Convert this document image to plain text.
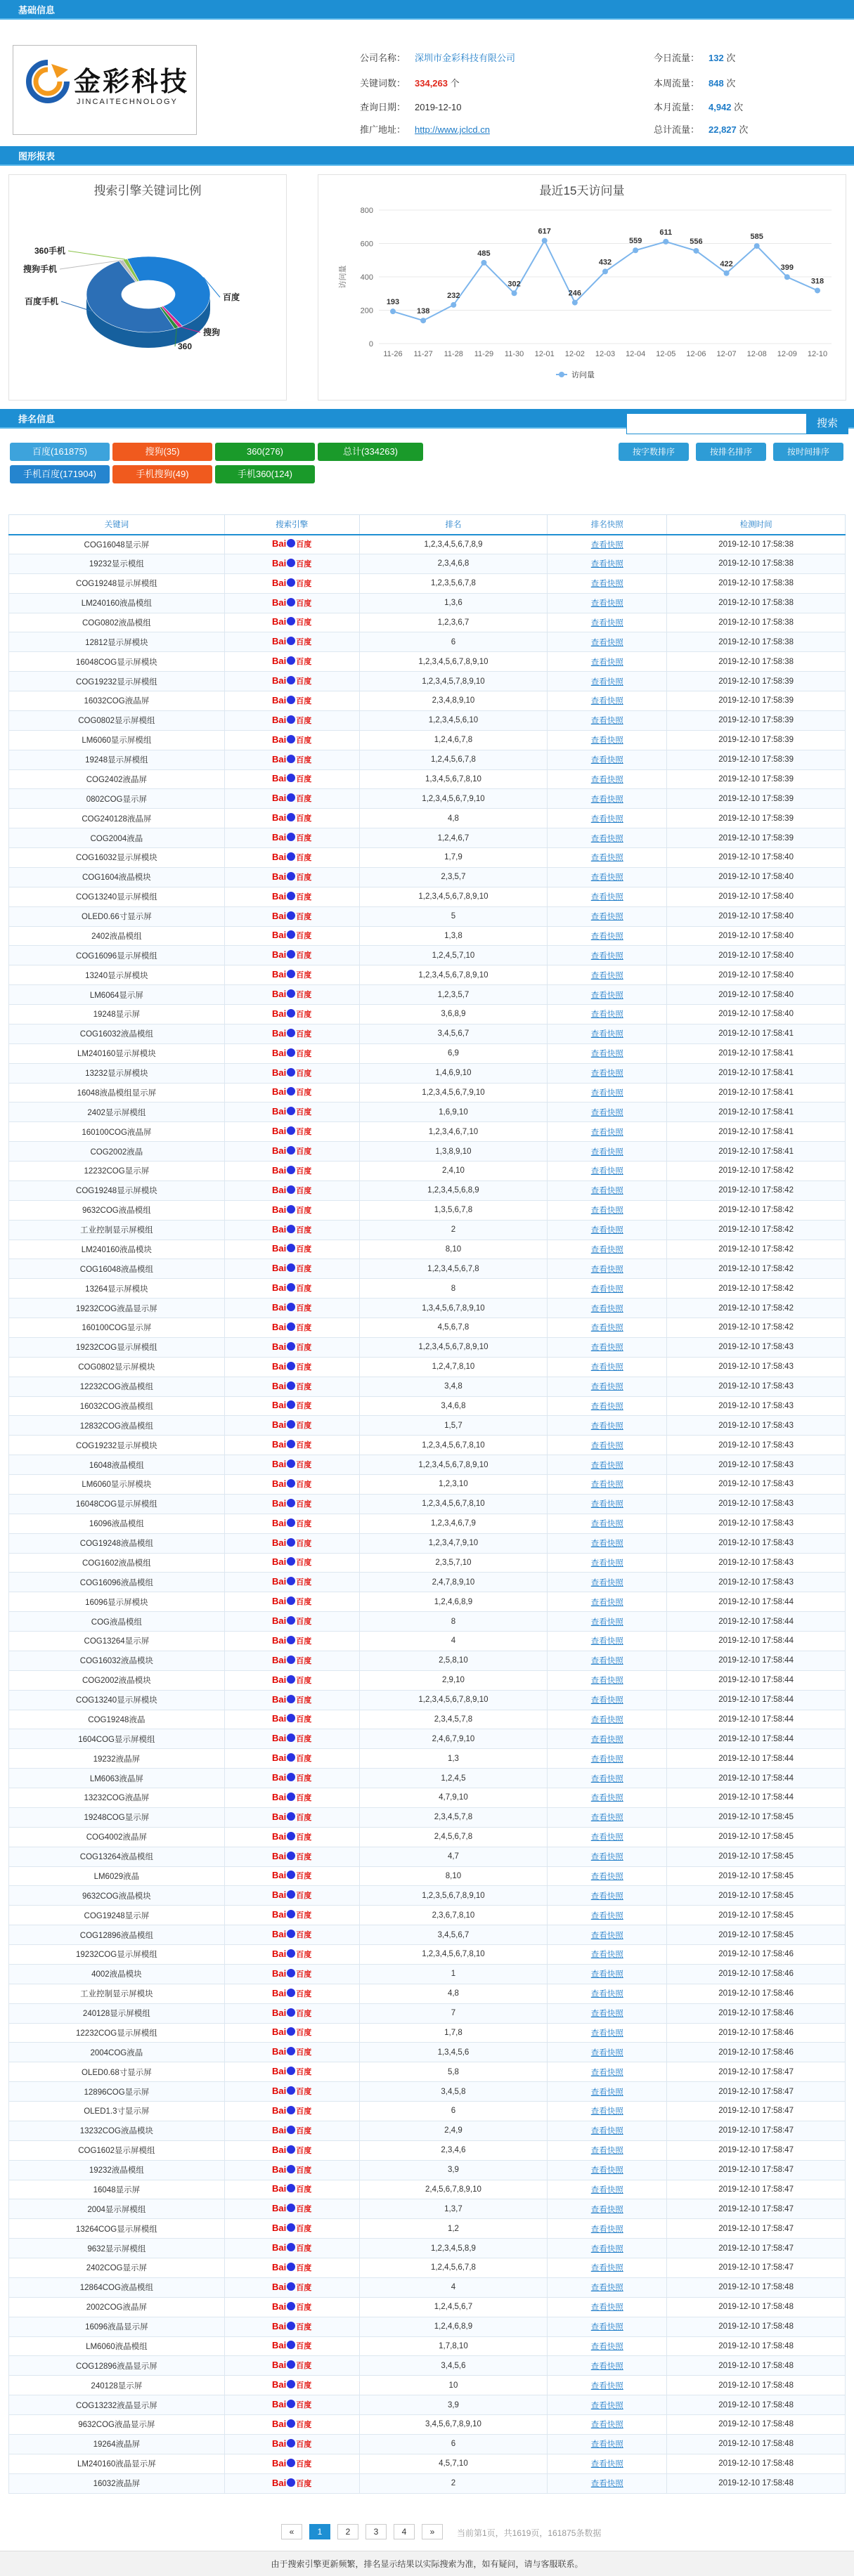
基础信息
金彩科技
JINCAITECHNOLOGY
公司名称： 深圳市金彩科技有限公司
关键词数： 334,263 个
查询日期： 2019-12-10
推广地址： http://www.jclcd.cn
今日流量： 132 次
本周流量： 848 次
本月流量： 4,942 次
总计流量： 22,827 次
图形报表
搜索引擎关键词比例
百度
搜狗
360
百度手机
搜狗手机
360手机
最近15天访问量
0
200
400
600
800
访问量
11-26 11-27 11-28 11-29 11-30 12-01 12-02 12-03 12-04 12-05 12-06 12-07 12-08 12-09 12-10
193
138
232
485
302
617
246
432
559
611
556
422
585
399
318
访问量
排名信息	搜索
百度(161875)	搜狗(35)	360(276)	总计(334263)
手机百度(171904)	手机搜狗(49)	手机360(124)
按字数排序	按排名排序	按时间排序
关键词	搜索引擎	排名	排名快照	检测时间
COG16048显示屏	Bai 百度	1,2,3,4,5,6,7,8,9	查看快照	2019-12-10 17:58:38
19232显示模组	Bai 百度	2,3,4,6,8	查看快照	2019-12-10 17:58:38
COG19248显示屏模组	Bai 百度	1,2,3,5,6,7,8	查看快照	2019-12-10 17:58:38
LM240160液晶模组	Bai 百度	1,3,6	查看快照	2019-12-10 17:58:38
COG0802液晶模组	Bai 百度	1,2,3,6,7	查看快照	2019-12-10 17:58:38
12812显示屏模块	Bai 百度	6	查看快照	2019-12-10 17:58:38
16048COG显示屏模块	Bai 百度	1,2,3,4,5,6,7,8,9,10	查看快照	2019-12-10 17:58:38
COG19232显示屏模组	Bai 百度	1,2,3,4,5,7,8,9,10	查看快照	2019-12-10 17:58:39
16032COG液晶屏	Bai 百度	2,3,4,8,9,10	查看快照	2019-12-10 17:58:39
COG0802显示屏模组	Bai 百度	1,2,3,4,5,6,10	查看快照	2019-12-10 17:58:39
LM6060显示屏模组	Bai 百度	1,2,4,6,7,8	查看快照	2019-12-10 17:58:39
19248显示屏模组	Bai 百度	1,2,4,5,6,7,8	查看快照	2019-12-10 17:58:39
COG2402液晶屏	Bai 百度	1,3,4,5,6,7,8,10	查看快照	2019-12-10 17:58:39
0802COG显示屏	Bai 百度	1,2,3,4,5,6,7,9,10	查看快照	2019-12-10 17:58:39
COG240128液晶屏	Bai 百度	4,8	查看快照	2019-12-10 17:58:39
COG2004液晶	Bai 百度	1,2,4,6,7	查看快照	2019-12-10 17:58:39
COG16032显示屏模块	Bai 百度	1,7,9	查看快照	2019-12-10 17:58:40
COG1604液晶模块	Bai 百度	2,3,5,7	查看快照	2019-12-10 17:58:40
COG13240显示屏模组	Bai 百度	1,2,3,4,5,6,7,8,9,10	查看快照	2019-12-10 17:58:40
OLED0.66寸显示屏	Bai 百度	5	查看快照	2019-12-10 17:58:40
2402液晶模组	Bai 百度	1,3,8	查看快照	2019-12-10 17:58:40
COG16096显示屏模组	Bai 百度	1,2,4,5,7,10	查看快照	2019-12-10 17:58:40
13240显示屏模块	Bai 百度	1,2,3,4,5,6,7,8,9,10	查看快照	2019-12-10 17:58:40
LM6064显示屏	Bai 百度	1,2,3,5,7	查看快照	2019-12-10 17:58:40
19248显示屏	Bai 百度	3,6,8,9	查看快照	2019-12-10 17:58:40
COG16032液晶模组	Bai 百度	3,4,5,6,7	查看快照	2019-12-10 17:58:41
LM240160显示屏模块	Bai 百度	6,9	查看快照	2019-12-10 17:58:41
13232显示屏模块	Bai 百度	1,4,6,9,10	查看快照	2019-12-10 17:58:41
16048液晶模组显示屏	Bai 百度	1,2,3,4,5,6,7,9,10	查看快照	2019-12-10 17:58:41
2402显示屏模组	Bai 百度	1,6,9,10	查看快照	2019-12-10 17:58:41
160100COG液晶屏	Bai 百度	1,2,3,4,6,7,10	查看快照	2019-12-10 17:58:41
COG2002液晶	Bai 百度	1,3,8,9,10	查看快照	2019-12-10 17:58:41
12232COG显示屏	Bai 百度	2,4,10	查看快照	2019-12-10 17:58:42
COG19248显示屏模块	Bai 百度	1,2,3,4,5,6,8,9	查看快照	2019-12-10 17:58:42
9632COG液晶模组	Bai 百度	1,3,5,6,7,8	查看快照	2019-12-10 17:58:42
工业控制显示屏模组	Bai 百度	2	查看快照	2019-12-10 17:58:42
LM240160液晶模块	Bai 百度	8,10	查看快照	2019-12-10 17:58:42
COG16048液晶模组	Bai 百度	1,2,3,4,5,6,7,8	查看快照	2019-12-10 17:58:42
13264显示屏模块	Bai 百度	8	查看快照	2019-12-10 17:58:42
19232COG液晶显示屏	Bai 百度	1,3,4,5,6,7,8,9,10	查看快照	2019-12-10 17:58:42
160100COG显示屏	Bai 百度	4,5,6,7,8	查看快照	2019-12-10 17:58:42
19232COG显示屏模组	Bai 百度	1,2,3,4,5,6,7,8,9,10	查看快照	2019-12-10 17:58:43
COG0802显示屏模块	Bai 百度	1,2,4,7,8,10	查看快照	2019-12-10 17:58:43
12232COG液晶模组	Bai 百度	3,4,8	查看快照	2019-12-10 17:58:43
16032COG液晶模组	Bai 百度	3,4,6,8	查看快照	2019-12-10 17:58:43
12832COG液晶模组	Bai 百度	1,5,7	查看快照	2019-12-10 17:58:43
COG19232显示屏模块	Bai 百度	1,2,3,4,5,6,7,8,10	查看快照	2019-12-10 17:58:43
16048液晶模组	Bai 百度	1,2,3,4,5,6,7,8,9,10	查看快照	2019-12-10 17:58:43
LM6060显示屏模块	Bai 百度	1,2,3,10	查看快照	2019-12-10 17:58:43
16048COG显示屏模组	Bai 百度	1,2,3,4,5,6,7,8,10	查看快照	2019-12-10 17:58:43
16096液晶模组	Bai 百度	1,2,3,4,6,7,9	查看快照	2019-12-10 17:58:43
COG19248液晶模组	Bai 百度	1,2,3,4,7,9,10	查看快照	2019-12-10 17:58:43
COG1602液晶模组	Bai 百度	2,3,5,7,10	查看快照	2019-12-10 17:58:43
COG16096液晶模组	Bai 百度	2,4,7,8,9,10	查看快照	2019-12-10 17:58:43
16096显示屏模块	Bai 百度	1,2,4,6,8,9	查看快照	2019-12-10 17:58:44
COG液晶模组	Bai 百度	8	查看快照	2019-12-10 17:58:44
COG13264显示屏	Bai 百度	4	查看快照	2019-12-10 17:58:44
COG16032液晶模块	Bai 百度	2,5,8,10	查看快照	2019-12-10 17:58:44
COG2002液晶模块	Bai 百度	2,9,10	查看快照	2019-12-10 17:58:44
COG13240显示屏模块	Bai 百度	1,2,3,4,5,6,7,8,9,10	查看快照	2019-12-10 17:58:44
COG19248液晶	Bai 百度	2,3,4,5,7,8	查看快照	2019-12-10 17:58:44
1604COG显示屏模组	Bai 百度	2,4,6,7,9,10	查看快照	2019-12-10 17:58:44
19232液晶屏	Bai 百度	1,3	查看快照	2019-12-10 17:58:44
LM6063液晶屏	Bai 百度	1,2,4,5	查看快照	2019-12-10 17:58:44
13232COG液晶屏	Bai 百度	4,7,9,10	查看快照	2019-12-10 17:58:44
19248COG显示屏	Bai 百度	2,3,4,5,7,8	查看快照	2019-12-10 17:58:45
COG4002液晶屏	Bai 百度	2,4,5,6,7,8	查看快照	2019-12-10 17:58:45
COG13264液晶模组	Bai 百度	4,7	查看快照	2019-12-10 17:58:45
LM6029液晶	Bai 百度	8,10	查看快照	2019-12-10 17:58:45
9632COG液晶模块	Bai 百度	1,2,3,5,6,7,8,9,10	查看快照	2019-12-10 17:58:45
COG19248显示屏	Bai 百度	2,3,6,7,8,10	查看快照	2019-12-10 17:58:45
COG12896液晶模组	Bai 百度	3,4,5,6,7	查看快照	2019-12-10 17:58:45
19232COG显示屏模组	Bai 百度	1,2,3,4,5,6,7,8,10	查看快照	2019-12-10 17:58:46
4002液晶模块	Bai 百度	1	查看快照	2019-12-10 17:58:46
工业控制显示屏模块	Bai 百度	4,8	查看快照	2019-12-10 17:58:46
240128显示屏模组	Bai 百度	7	查看快照	2019-12-10 17:58:46
12232COG显示屏模组	Bai 百度	1,7,8	查看快照	2019-12-10 17:58:46
2004COG液晶	Bai 百度	1,3,4,5,6	查看快照	2019-12-10 17:58:46
OLED0.68寸显示屏	Bai 百度	5,8	查看快照	2019-12-10 17:58:47
12896COG显示屏	Bai 百度	3,4,5,8	查看快照	2019-12-10 17:58:47
OLED1.3寸显示屏	Bai 百度	6	查看快照	2019-12-10 17:58:47
13232COG液晶模块	Bai 百度	2,4,9	查看快照	2019-12-10 17:58:47
COG1602显示屏模组	Bai 百度	2,3,4,6	查看快照	2019-12-10 17:58:47
19232液晶模组	Bai 百度	3,9	查看快照	2019-12-10 17:58:47
16048显示屏	Bai 百度	2,4,5,6,7,8,9,10	查看快照	2019-12-10 17:58:47
2004显示屏模组	Bai 百度	1,3,7	查看快照	2019-12-10 17:58:47
13264COG显示屏模组	Bai 百度	1,2	查看快照	2019-12-10 17:58:47
9632显示屏模组	Bai 百度	1,2,3,4,5,8,9	查看快照	2019-12-10 17:58:47
2402COG显示屏	Bai 百度	1,2,4,5,6,7,8	查看快照	2019-12-10 17:58:47
12864COG液晶模组	Bai 百度	4	查看快照	2019-12-10 17:58:48
2002COG液晶屏	Bai 百度	1,2,4,5,6,7	查看快照	2019-12-10 17:58:48
16096液晶显示屏	Bai 百度	1,2,4,6,8,9	查看快照	2019-12-10 17:58:48
LM6060液晶模组	Bai 百度	1,7,8,10	查看快照	2019-12-10 17:58:48
COG12896液晶显示屏	Bai 百度	3,4,5,6	查看快照	2019-12-10 17:58:48
240128显示屏	Bai 百度	10	查看快照	2019-12-10 17:58:48
COG13232液晶显示屏	Bai 百度	3,9	查看快照	2019-12-10 17:58:48
9632COG液晶显示屏	Bai 百度	3,4,5,6,7,8,9,10	查看快照	2019-12-10 17:58:48
19264液晶屏	Bai 百度	6	查看快照	2019-12-10 17:58:48
LM240160液晶显示屏	Bai 百度	4,5,7,10	查看快照	2019-12-10 17:58:48
16032液晶屏	Bai 百度	2	查看快照	2019-12-10 17:58:48
«	1	2	3	4	»	当前第1页，共1619页，161875条数据
由于搜索引擎更新频繁，排名显示结果以实际搜索为准，如有疑问，请与客服联系。
